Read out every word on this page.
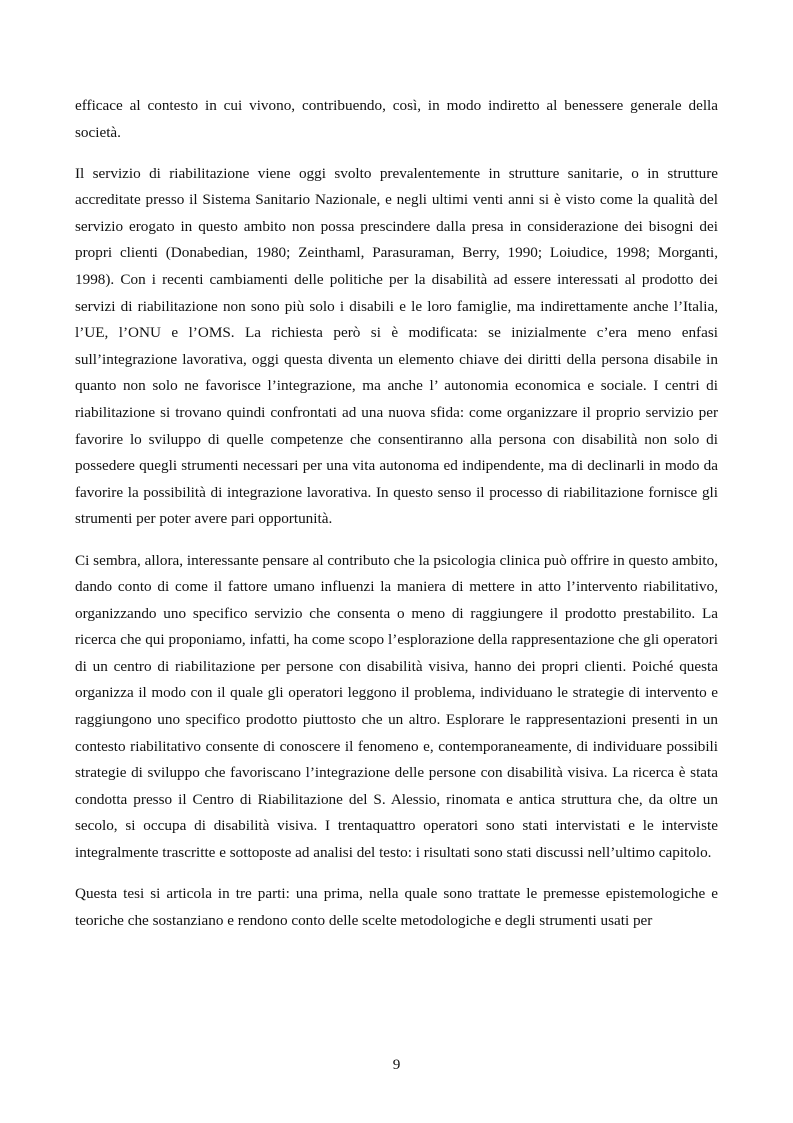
efficace al contesto in cui vivono, contribuendo, così, in modo indiretto al benessere generale della società.

Il servizio di riabilitazione viene oggi svolto prevalentemente in strutture sanitarie, o in strutture accreditate presso il Sistema Sanitario Nazionale, e negli ultimi venti anni si è visto come la qualità del servizio erogato in questo ambito non possa prescindere dalla presa in considerazione dei bisogni dei propri clienti (Donabedian, 1980; Zeinthaml, Parasuraman, Berry, 1990; Loiudice, 1998; Morganti, 1998). Con i recenti cambiamenti delle politiche per la disabilità ad essere interessati al prodotto dei servizi di riabilitazione non sono più solo i disabili e le loro famiglie, ma indirettamente anche l’Italia, l’UE, l’ONU e l’OMS. La richiesta però si è modificata: se inizialmente c’era meno enfasi sull’integrazione lavorativa, oggi questa diventa un elemento chiave dei diritti della persona disabile in quanto non solo ne favorisce l’integrazione, ma anche l’ autonomia economica e sociale. I centri di riabilitazione si trovano quindi confrontati ad una nuova sfida: come organizzare il proprio servizio per favorire lo sviluppo di quelle competenze che consentiranno alla persona con disabilità non solo di possedere quegli strumenti necessari per una vita autonoma ed indipendente, ma di declinarli in modo da favorire la possibilità di integrazione lavorativa. In questo senso il processo di riabilitazione fornisce gli strumenti per poter avere pari opportunità.

Ci sembra, allora, interessante pensare al contributo che la psicologia clinica può offrire in questo ambito, dando conto di come il fattore umano influenzi la maniera di mettere in atto l’intervento riabilitativo, organizzando uno specifico servizio che consenta o meno di raggiungere il prodotto prestabilito. La ricerca che qui proponiamo, infatti, ha come scopo l’esplorazione della rappresentazione che gli operatori di un centro di riabilitazione per persone con disabilità visiva, hanno dei propri clienti. Poiché questa organizza il modo con il quale gli operatori leggono il problema, individuano le strategie di intervento e raggiungono uno specifico prodotto piuttosto che un altro. Esplorare le rappresentazioni presenti in un contesto riabilitativo consente di conoscere il fenomeno e, contemporaneamente, di individuare possibili strategie di sviluppo che favoriscano l’integrazione delle persone con disabilità visiva. La ricerca è stata condotta presso il Centro di Riabilitazione del S. Alessio, rinomata e antica struttura che, da oltre un secolo, si occupa di disabilità visiva. I trentaquattro operatori sono stati intervistati e le interviste integralmente trascritte e sottoposte ad analisi del testo: i risultati sono stati discussi nell’ultimo capitolo.

Questa tesi si articola in tre parti: una prima, nella quale sono trattate le premesse epistemologiche e teoriche che sostanziano e rendono conto delle scelte metodologiche e degli strumenti usati per

9
